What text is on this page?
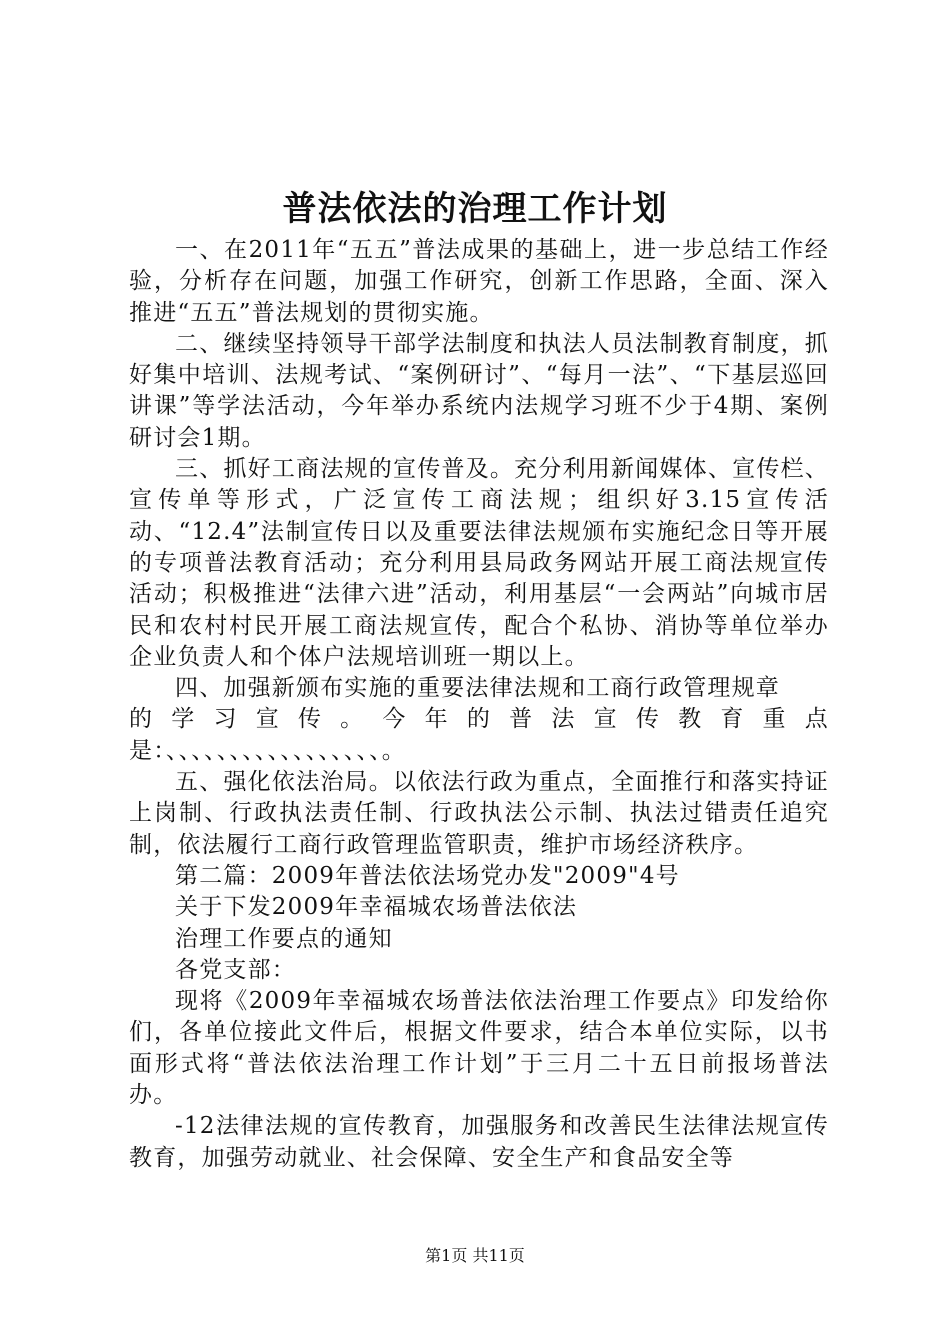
普法依法的治理工作计划

一、在2011年“五五”普法成果的基础上，进一步总结工作经验，分析存在问题，加强工作研究，创新工作思路，全面、深入推进“五五”普法规划的贯彻实施。

二、继续坚持领导干部学法制度和执法人员法制教育制度，抓好集中培训、法规考试、“案例研讨”、“每月一法”、“下基层巡回讲课”等学法活动，今年举办系统内法规学习班不少于4期、案例研讨会1期。

三、抓好工商法规的宣传普及。充分利用新闻媒体、宣传栏、宣传单等形式，广泛宣传工商法规；组织好3.15宣传活动、“12.4”法制宣传日以及重要法律法规颁布实施纪念日等开展的专项普法教育活动；充分利用县局政务网站开展工商法规宣传活动；积极推进“法律六进”活动，利用基层“一会两站”向城市居民和农村村民开展工商法规宣传，配合个私协、消协等单位举办企业负责人和个体户法规培训班一期以上。

四、加强新颁布实施的重要法律法规和工商行政管理规章

的学习宣传。今年的普法宣传教育重点

是：、、、、、、、、、、、、、、、、、。

五、强化依法治局。以依法行政为重点，全面推行和落实持证上岗制、行政执法责任制、行政执法公示制、执法过错责任追究制，依法履行工商行政管理监管职责，维护市场经济秩序。

第二篇：2009年普法依法场党办发"2009"4号

关于下发2009年幸福城农场普法依法

治理工作要点的通知

各党支部：

现将《2009年幸福城农场普法依法治理工作要点》印发给你们，各单位接此文件后，根据文件要求，结合本单位实际，以书面形式将“普法依法治理工作计划”于三月二十五日前报场普法办。

-12法律法规的宣传教育，加强服务和改善民生法律法规宣传教育，加强劳动就业、社会保障、安全生产和食品安全等

第1页 共11页
